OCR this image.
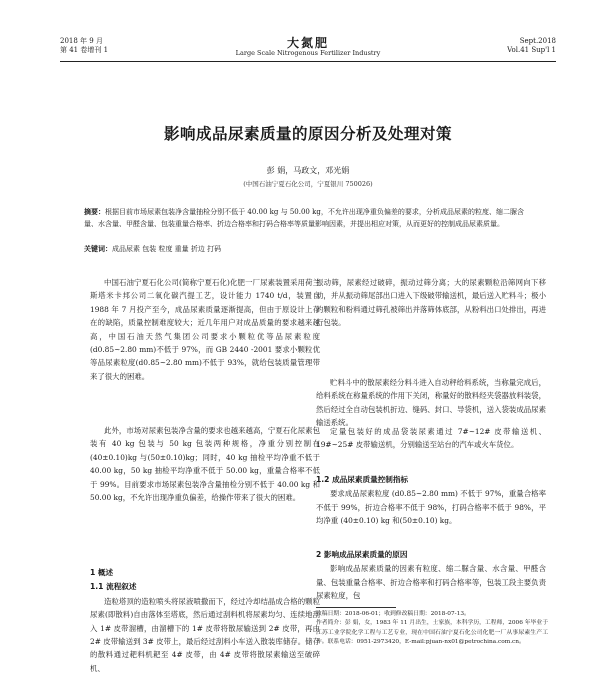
2018 年 9 月
第 41 卷增刊 1	大氮肥
Large Scale Nitrogenous Fertilizer Industry
Sept.2018
Vol.41 Sup'l 1
影响成品尿素质量的原因分析及处理对策
彭 娟，马政文，邓光娟
(中国石油宁夏石化公司，宁夏银川 750026)
摘要：根据目前市场尿素包装净含量抽检分别不低于 40.00 kg 与 50.00 kg，不允许出现净重负偏差的要求，分析成品尿素的粒度、缩二脲含量、水含量、甲醛含量、包装重量合格率、折边合格率和打码合格率等质量影响因素，并提出相应对策，从而更好的控制成品尿素质量。
关键词：成品尿素 包装 粒度 重量 折边 打码

中国石油宁夏石化公司(简称宁夏石化)化肥一厂尿素装置采用荷兰斯塔米卡邦公司二氧化碳汽提工艺，设计能力 1740 t/d，装置自 1988 年 7 月投产至今，成品尿素质量逐渐提高，但由于原设计上存在的缺陷，质量控制难度较大；近几年用户对成品质量的要求越来越高，中国石油天然气集团公司要求小颗粒优等品尿素粒度(d0.85~2.80 mm)不低于 97%，而 GB 2440 -2001 要求小颗粒优等品尿素粒度(d0.85~2.80 mm)不低于 93%，就给包装质量管理带来了很大的困难。

此外，市场对尿素包装净含量的要求也越来越高，宁夏石化尿素包装有 40 kg 包装与 50 kg 包装两种规格，净重分别控制在(40±0.10)kg 与(50±0.10)kg；同时，40 kg 抽检平均净重不低于 40.00 kg，50 kg 抽检平均净重不低于 50.00 kg，重量合格率不低于 99%。目前要求市场尿素包装净含量抽检分别不低于 40.00 kg 和 50.00 kg，不允许出现净重负偏差，给操作带来了很大的困难。

1 概述
1.1 流程叙述

造粒塔顶的造粒喷头将尿液喷撒而下，经过冷却结晶成合格的颗粒尿素(即散料)自由落体至塔底，然后通过刮料机将尿素均匀、连续地刮入 1# 皮带溜槽，由溜槽下的 1# 皮带将散尿输送到 2# 皮带，再由 2# 皮带输送到 3# 皮带上，最后经过刮料小车送入散装库储存。储存的散料通过耙料机耙至 4# 皮带，由 4# 皮带将散尿素输送至破碎机、

振动筛，尿素经过破碎，振动过筛分离；大的尿素颗粒沿筛网向下移动，并从振动筛尾部出口进入下级破带输送机，最后送入贮料斗；极小的颗粒和粉料通过筛孔被筛出并落筛体底部，从粉料出口处排出，再进行包装。

贮料斗中的散尿素经分料斗进入自动秤给料系统，当称量完成后，给料系统在称量系统的作用下关闭，称量好的散料经夹袋器放料装袋，然后经过全自动包装机折边、缝码、封口、导袋机，送入袋装成品尿素输送系统。

定量包装好的成品袋装尿素通过 7#~12# 皮带输送机、19#~25# 皮带输送机，分别输送至站台的汽车或火车货位。

1.2 成品尿素质量控制指标

要求成品尿素粒度 (d0.85~2.80 mm) 不低于 97%，重量合格率不低于 99%，折边合格率不低于 98%，打码合格率不低于 98%，平均净重 (40±0.10) kg 和(50±0.10) kg。

2 影响成品尿素质量的原因

影响成品尿素质量的因素有粒度、缩二脲含量、水含量、甲醛含量、包装重量合格率、折边合格率和打码合格率等，包装工段主要负责尿素粒度，包

收稿日期：2018-06-01；收到修改稿日期：2018-07-13。
作者简介：彭 娟，女，1983 年 11 月出生，土家族，本科学历，工程师，2006 年毕业于江苏工业学院化学工程与工艺专业，现在中国石油宁夏石化公司化肥一厂从事尿素生产工作。联系电话：0951-2973420，E-mail:pjuan-nx01@petrochina.com.cn。
